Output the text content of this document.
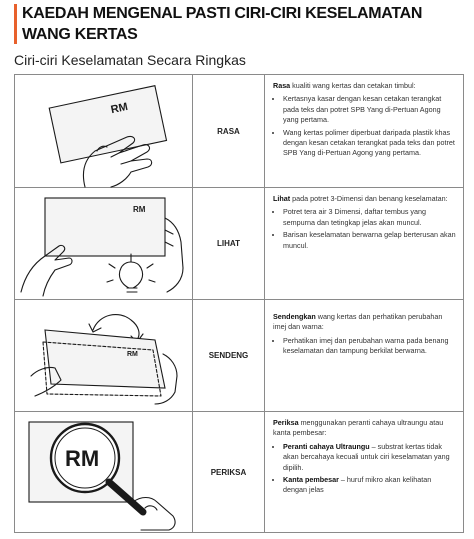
KAEDAH MENGENAL PASTI CIRI-CIRI KESELAMATAN WANG KERTAS
Ciri-ciri Keselamatan Secara Ringkas
RM
RASA
Rasa kualiti wang kertas dan cetakan timbul:
• Kertasnya kasar dengan kesan cetakan terangkat pada teks dan potret SPB Yang di-Pertuan Agong yang pertama.
• Wang kertas polimer diperbuat daripada plastik khas dengan kesan cetakan terangkat pada teks dan potret SPB Yang di-Pertuan Agong yang pertama.
RM
LIHAT
Lihat pada potret 3-Dimensi dan benang keselamatan:
• Potret tera air 3 Dimensi, daftar tembus yang sempurna dan tetingkap jelas akan muncul.
• Barisan keselamatan berwarna gelap berterusan akan muncul.
RM	SENDENG
Sendengkan wang kertas dan perhatikan perubahan imej dan warna:
• Perhatikan imej dan perubahan warna pada benang keselamatan dan tampung berkilat berwarna.
RM
PERIKSA
Periksa menggunakan peranti cahaya ultraungu atau kanta pembesar:
• Peranti cahaya Ultraungu – substrat kertas tidak akan bercahaya kecuali untuk ciri keselamatan yang dipilih.
• Kanta pembesar – huruf mikro akan kelihatan dengan jelas
